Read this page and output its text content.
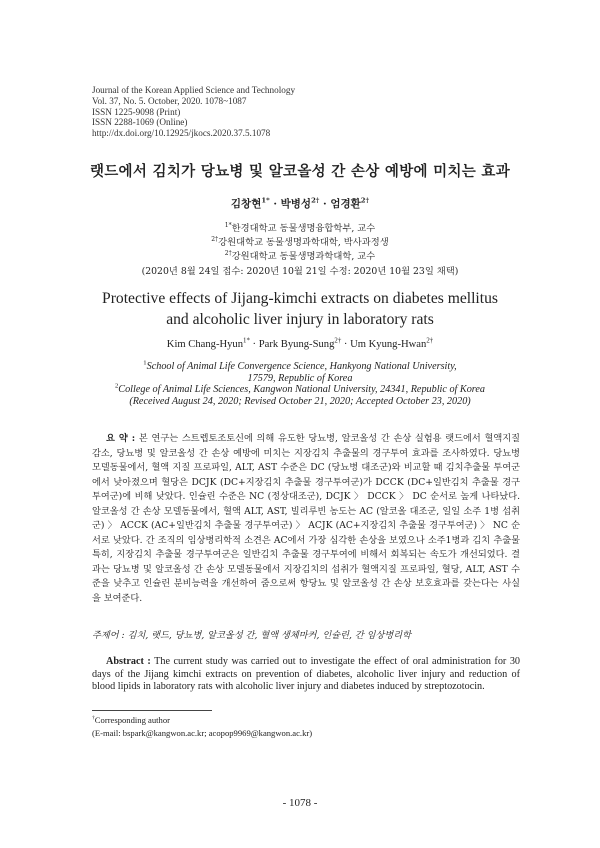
Journal of the Korean Applied Science and Technology
Vol. 37, No. 5. October, 2020. 1078~1087
ISSN 1225-9098 (Print)
ISSN 2288-1069 (Online)
http://dx.doi.org/10.12925/jkocs.2020.37.5.1078
랫드에서 김치가 당뇨병 및 알코올성 간 손상 예방에 미치는 효과
김창현$^{1*}$ · 박병성$^{2\dagger}$ · 엄경환$^{2\dagger}$
$^{1*}$한경대학교 동물생명융합학부, 교수
$^{2\dagger}$강원대학교 동물생명과학대학, 박사과정생
$^{2\dagger}$강원대학교 동물생명과학대학, 교수
(2020년 8월 24일 접수: 2020년 10월 21일 수정: 2020년 10월 23일 채택)
Protective effects of Jijang-kimchi extracts on diabetes mellitus
and alcoholic liver injury in laboratory rats
Kim Chang-Hyun$^{1*}$ · Park Byung-Sung$^{2\dagger}$ · Um Kyung-Hwan$^{2\dagger}$
$^1$School of Animal Life Convergence Science, Hankyong National University,
17579, Republic of Korea
$^2$College of Animal Life Sciences, Kangwon National University, 24341, Republic of Korea
(Received August 24, 2020; Revised October 21, 2020; Accepted October 23, 2020)

요 약 : 본 연구는 스트렙토조토신에 의해 유도한 당뇨병, 알코올성 간 손상 실험용 랫드에서 혈액지질 감소, 당뇨병 및 알코올성 간 손상 예방에 미치는 지장김치 추출물의 경구투여 효과를 조사하였다. 당뇨병 모델동물에서, 혈액 지질 프로파일, ALT, AST 수준은 DC (당뇨병 대조군)와 비교할 때 김치추출물 투여군에서 낮아졌으며 혈당은 DCJK (DC+지장김치 추출물 경구투여군)가 DCCK (DC+일반김치 추출물 경구투여군)에 비해 낮았다. 인슐린 수준은 NC (정상대조군), DCJK 〉 DCCK 〉 DC 순서로 높게 나타났다. 알코올성 간 손상 모델동물에서, 혈액 ALT, AST, 빌리루빈 농도는 AC (알코올 대조군, 일일 소주 1병 섭취군) 〉 ACCK (AC+일반김치 추출물 경구투여군) 〉 ACJK (AC+지장김치 추출물 경구투여군) 〉 NC 순서로 낮았다. 간 조직의 임상병리학적 소견은 AC에서 가장 심각한 손상을 보였으나 소주1병과 김치 추출물 특히, 지장김치 추출물 경구투여군은 일반김치 추출물 경구투여에 비해서 회복되는 속도가 개선되었다. 결과는 당뇨병 및 알코올성 간 손상 모델동물에서 지장김치의 섭취가 혈액지질 프로파일, 혈당, ALT, AST 수준을 낮추고 인슐린 분비능력을 개선하여 줌으로써 항당뇨 및 알코올성 간 손상 보호효과를 갖는다는 사실을 보여준다.

주제어 : 김치, 랫드, 당뇨병, 알코올성 간, 혈액 생체마커, 인슐린, 간 임상병리학

Abstract : The current study was carried out to investigate the effect of oral administration for 30 days of the Jijang kimchi extracts on prevention of diabetes, alcoholic liver injury and reduction of blood lipids in laboratory rats with alcoholic liver injury and diabetes induced by streptozotocin.

†Corresponding author
(E-mail: bspark@kangwon.ac.kr; acopop9969@kangwon.ac.kr)
- 1078 -
